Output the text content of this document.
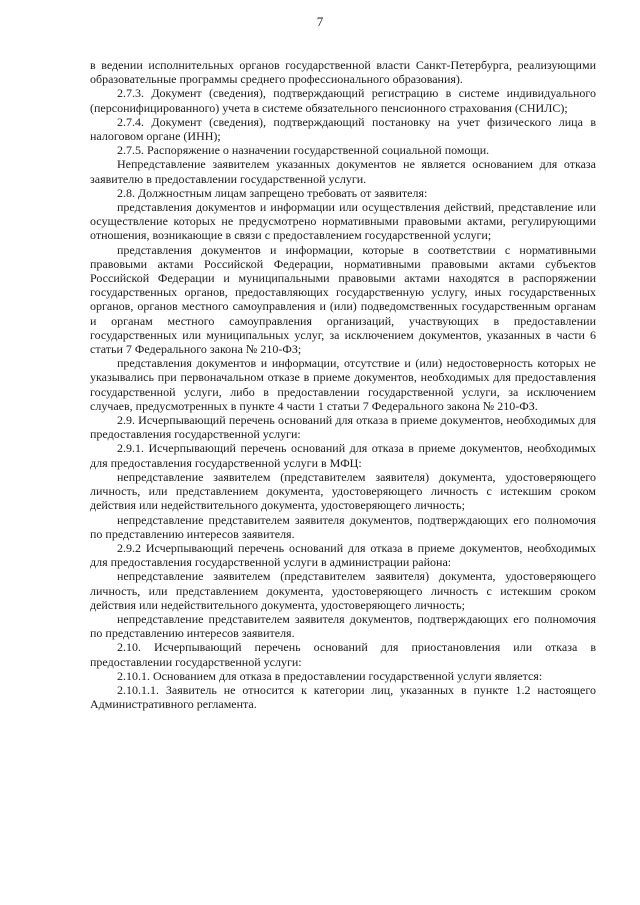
7

в ведении исполнительных органов государственной власти Санкт-Петербурга, реализующими образовательные программы среднего профессионального образования).

2.7.3. Документ (сведения), подтверждающий регистрацию в системе индивидуального (персонифицированного) учета в системе обязательного пенсионного страхования (СНИЛС);

2.7.4. Документ (сведения), подтверждающий постановку на учет физического лица в налоговом органе (ИНН);

2.7.5. Распоряжение о назначении государственной социальной помощи.

Непредставление заявителем указанных документов не является основанием для отказа заявителю в предоставлении государственной услуги.

2.8. Должностным лицам запрещено требовать от заявителя:

представления документов и информации или осуществления действий, представление или осуществление которых не предусмотрено нормативными правовыми актами, регулирующими отношения, возникающие в связи с предоставлением государственной услуги;

представления документов и информации, которые в соответствии с нормативными правовыми актами Российской Федерации, нормативными правовыми актами субъектов Российской Федерации и муниципальными правовыми актами находятся в распоряжении государственных органов, предоставляющих государственную услугу, иных государственных органов, органов местного самоуправления и (или) подведомственных государственным органам и органам местного самоуправления организаций, участвующих в предоставлении государственных или муниципальных услуг, за исключением документов, указанных в части 6 статьи 7 Федерального закона № 210-ФЗ;

представления документов и информации, отсутствие и (или) недостоверность которых не указывались при первоначальном отказе в приеме документов, необходимых для предоставления государственной услуги, либо в предоставлении государственной услуги, за исключением случаев, предусмотренных в пункте 4 части 1 статьи 7 Федерального закона № 210-ФЗ.

2.9. Исчерпывающий перечень оснований для отказа в приеме документов, необходимых для предоставления государственной услуги:

2.9.1. Исчерпывающий перечень оснований для отказа в приеме документов, необходимых для предоставления государственной услуги в МФЦ:

непредставление заявителем (представителем заявителя) документа, удостоверяющего личность, или представлением документа, удостоверяющего личность с истекшим сроком действия или недействительного документа, удостоверяющего личность;

непредставление представителем заявителя документов, подтверждающих его полномочия по представлению интересов заявителя.

2.9.2 Исчерпывающий перечень оснований для отказа в приеме документов, необходимых для предоставления государственной услуги в администрации района:

непредставление заявителем (представителем заявителя) документа, удостоверяющего личность, или представлением документа, удостоверяющего личность с истекшим сроком действия или недействительного документа, удостоверяющего личность;

непредставление представителем заявителя документов, подтверждающих его полномочия по представлению интересов заявителя.

2.10. Исчерпывающий перечень оснований для приостановления или отказа в предоставлении государственной услуги:

2.10.1. Основанием для отказа в предоставлении государственной услуги является:

2.10.1.1. Заявитель не относится к категории лиц, указанных в пункте 1.2 настоящего Административного регламента.
